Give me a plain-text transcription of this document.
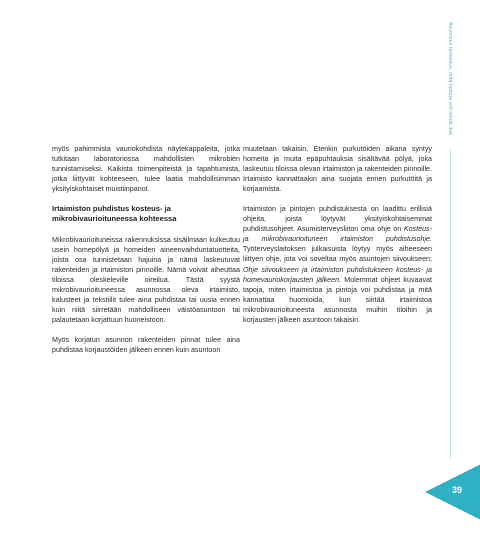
Asumisen tarkastus, mitä hoitoja voit tehdä itse

myös pahimmista vauriokohdista näytekappaleita, jotka tutkitaan laboratoriossa mahdollisten mikrobien tunnistamiseksi. Kaikista toimenpiteistä ja tapahtumista, jotka liittyvät kohteeseen, tulee laatia mahdollisimman yksityiskohtaiset muistiinpanot.

Irtaimiston puhdistus kosteus- ja mikrobivaurioituneessa kohteessa

Mikrobivaurioituneissa rakennuksissa sisäilmaan kulkeutuu usein homepölyä ja homeiden aineenvaihduntatuotteita, joista osa tunnistetaan hajuina ja nämä laskeutuvat rakenteiden ja irtaimiston pinnoille. Nämä voivat aiheuttaa tiloissa oleskeleville oireilua. Tästä syystä mikrobivaurioituneessa asunnossa oleva irtaimisto, kalusteet ja tekstiilit tulee aina puhdistaa tai uusia ennen kuin niitä siirretään mahdolliseen väistöasuntoon tai palautetaan korjattuun huoneistoon.

Myös korjatun asunnon rakenteiden pinnat tulee aina puhdistaa korjaustöiden jälkeen ennen kuin asuntoon

muutetaan takaisin. Etenkin purkutöiden aikana syntyy homeita ja muita epäpuhtauksia sisältävää pölyä, joka laskeutuu tiloissa olevan irtaimiston ja rakenteiden pinnoille. Irtaimisto kannattaakin aina suojata ennen purkutöitä ja korjaamista.

Irtaimiston ja pintojen puhdistuksesta on laadittu erillisiä ohjeita, joista löytyvät yksityiskohtaisemmat puhdistusohjeet. Asumisterveysliiton oma ohje on Kosteus- ja mikrobivaurioituneen irtaimiston puhdistusohje. Työterveyslaitoksen julkaisuista löytyy myös aiheeseen liittyen ohje, jota voi soveltaa myös asuntojen siivoukseen; Ohje siivoukseen ja irtaimiston puhdistukseen kosteus- ja homevauriokorjausten jälkeen. Molemmat ohjeet kuvaavat tapoja, miten irtaimistoa ja pintoja voi puhdistaa ja mitä kannattaa huomioida, kun siirtää irtaimistoa mikrobivaurioituneesta asunnosta muihin tiloihin ja korjausten jälkeen asuntoon takaisin.

39
